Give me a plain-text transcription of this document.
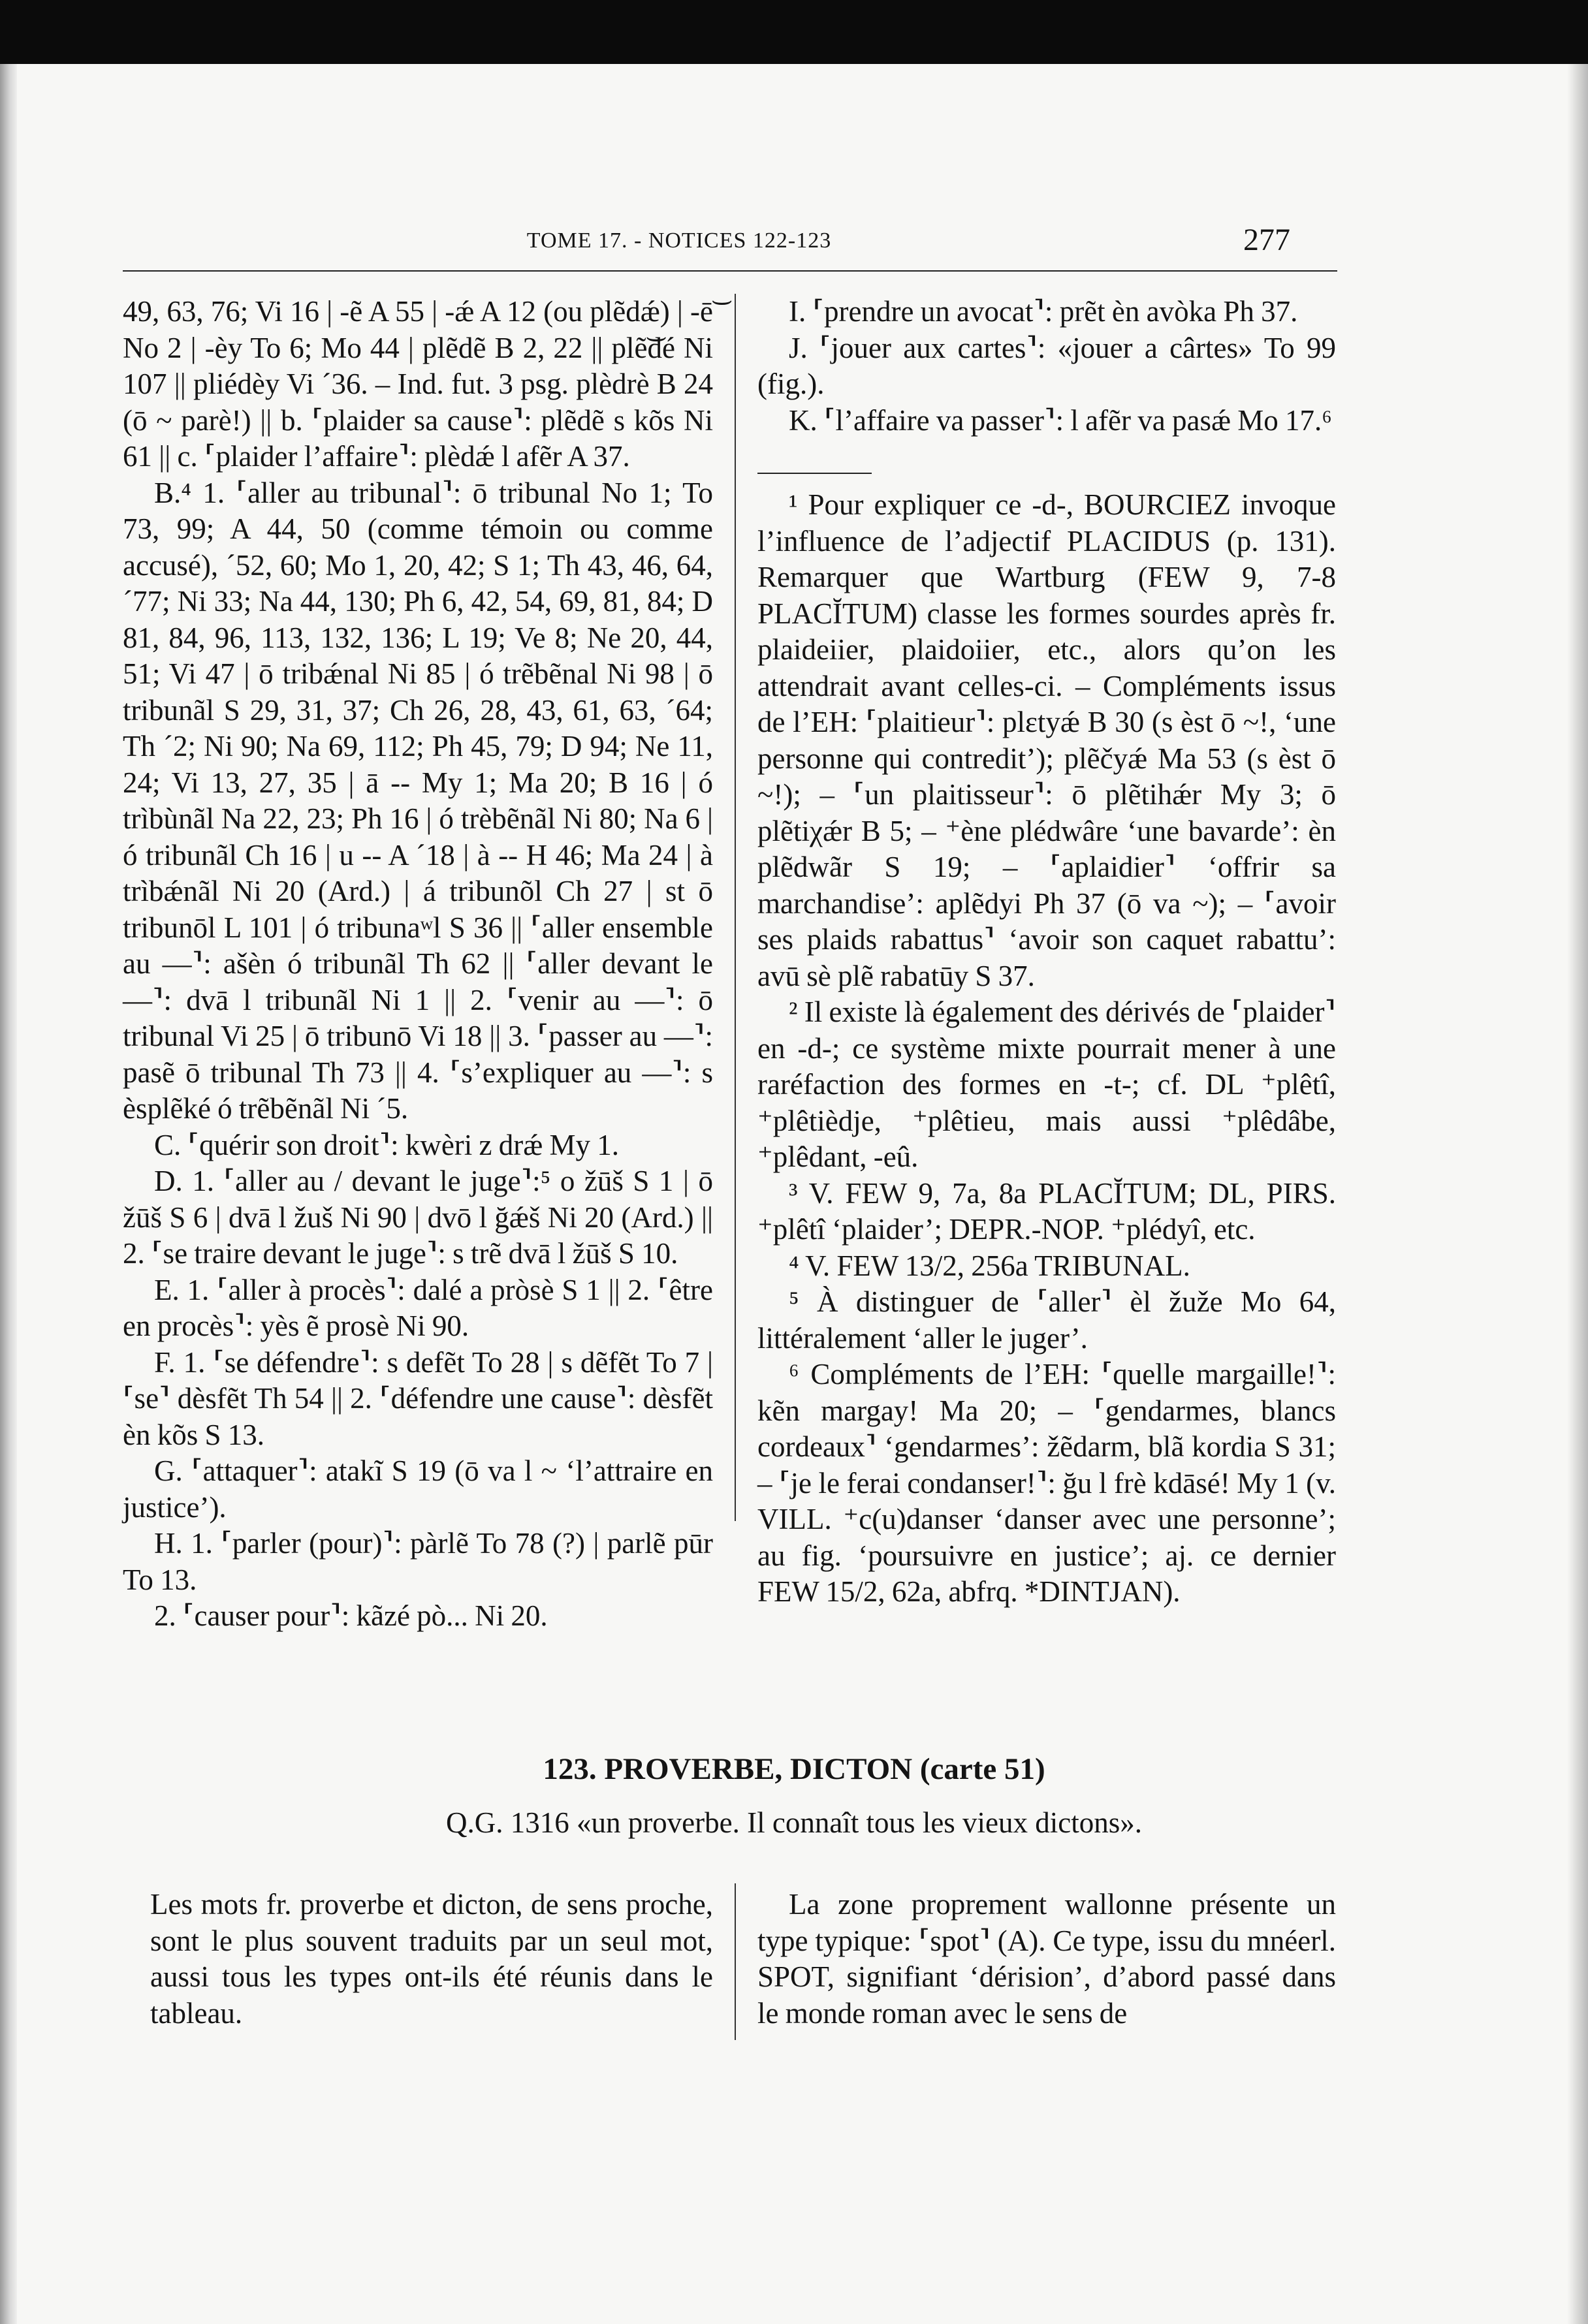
TOME 17. - NOTICES 122-123	277

49, 63, 76; Vi 16 | -ẽ A 55 | -ǽ A 12 (ou plẽdǽ) | -ē͝ No 2 | -èy To 6; Mo 44 | plẽdẽ B 2, 22 || plẽ͝dé Ni 107 || pliédèy Vi ´36. – Ind. fut. 3 psg. plèdrè B 24 (ō ~ parè!) || b. ⸢plaider sa cause⸣: plẽdẽ s kõs Ni 61 || c. ⸢plaider l’affaire⸣: plèdǽ l afẽr A 37.

B.⁴ 1. ⸢aller au tribunal⸣: ō tribunal No 1; To 73, 99; A 44, 50 (comme témoin ou comme accusé), ´52, 60; Mo 1, 20, 42; S 1; Th 43, 46, 64, ´77; Ni 33; Na 44, 130; Ph 6, 42, 54, 69, 81, 84; D 81, 84, 96, 113, 132, 136; L 19; Ve 8; Ne 20, 44, 51; Vi 47 | ō tribǽnal Ni 85 | ó trẽbẽnal Ni 98 | ō tribunãl S 29, 31, 37; Ch 26, 28, 43, 61, 63, ´64; Th ´2; Ni 90; Na 69, 112; Ph 45, 79; D 94; Ne 11, 24; Vi 13, 27, 35 | ā -- My 1; Ma 20; B 16 | ó trìbùnãl Na 22, 23; Ph 16 | ó trèbẽnãl Ni 80; Na 6 | ó tribunãl Ch 16 | u -- A ´18 | à -- H 46; Ma 24 | à trìbǽnãl Ni 20 (Ard.) | á tribunõl Ch 27 | st ō tribunōl L 101 | ó tribunaʷl S 36 || ⸢aller ensemble au —⸣: ašèn ó tribunãl Th 62 || ⸢aller devant le —⸣: dvā l tribunãl Ni 1 || 2. ⸢venir au —⸣: ō tribunal Vi 25 | ō tribunō Vi 18 || 3. ⸢passer au —⸣: pasẽ ō tribunal Th 73 || 4. ⸢s’expliquer au —⸣: s èsplẽké ó trẽbẽnãl Ni ´5.

C. ⸢quérir son droit⸣: kwèri z drǽ My 1.

D. 1. ⸢aller au / devant le juge⸣:⁵ o žūš S 1 | ō žūš S 6 | dvā l žuš Ni 90 | dvō l ğǽš Ni 20 (Ard.) || 2. ⸢se traire devant le juge⸣: s trẽ dvā l žūš S 10.

E. 1. ⸢aller à procès⸣: dalé a pròsè S 1 || 2. ⸢être en procès⸣: yès ẽ prosè Ni 90.

F. 1. ⸢se défendre⸣: s defẽt To 28 | s dẽfẽt To 7 | ⸢se⸣ dèsfẽt Th 54 || 2. ⸢défendre une cause⸣: dèsfẽt èn kõs S 13.

G. ⸢attaquer⸣: atakĩ S 19 (ō va l ~ ‘l’attraire en justice’).

H. 1. ⸢parler (pour)⸣: pàrlẽ To 78 (?) | parlẽ pūr To 13.

2. ⸢causer pour⸣: kãzé pò... Ni 20.

I. ⸢prendre un avocat⸣: prẽt èn avòka Ph 37.

J. ⸢jouer aux cartes⸣: «jouer a cârtes» To 99 (fig.).

K. ⸢l’affaire va passer⸣: l afẽr va pasǽ Mo 17.⁶

¹ Pour expliquer ce -d-, BOURCIEZ invoque l’influence de l’adjectif PLACIDUS (p. 131). Remarquer que Wartburg (FEW 9, 7-8 PLACĬTUM) classe les formes sourdes après fr. plaideiier, plaidoiier, etc., alors qu’on les attendrait avant celles-ci. – Compléments issus de l’EH: ⸢plaitieur⸣: plεtyǽ B 30 (s èst ō ~!, ‘une personne qui contredit’); plẽčyǽ Ma 53 (s èst ō ~!); – ⸢un plaitisseur⸣: ō plẽtihǽr My 3; ō plẽtiχǽr B 5; – ⁺ène plédwâre ‘une bavarde’: èn plẽdwãr S 19; – ⸢aplaidier⸣ ‘offrir sa marchandise’: aplẽdyi Ph 37 (ō va ~); – ⸢avoir ses plaids rabattus⸣ ‘avoir son caquet rabattu’: avū sè plẽ rabatūy S 37.

² Il existe là également des dérivés de ⸢plaider⸣ en -d-; ce système mixte pourrait mener à une raréfaction des formes en -t-; cf. DL ⁺plêtî, ⁺plêtièdje, ⁺plêtieu, mais aussi ⁺plêdâbe, ⁺plêdant, -eû.

³ V. FEW 9, 7a, 8a PLACĬTUM; DL, PIRS. ⁺plêtî ‘plaider’; DEPR.-NOP. ⁺plédyî, etc.

⁴ V. FEW 13/2, 256a TRIBUNAL.

⁵ À distinguer de ⸢aller⸣ èl žuže Mo 64, littéralement ‘aller le juger’.

⁶ Compléments de l’EH: ⸢quelle margaille!⸣: kẽn margay! Ma 20; – ⸢gendarmes, blancs cordeaux⸣ ‘gendarmes’: žẽdarm, blã kordia S 31; – ⸢je le ferai condanser!⸣: ğu l frè kdāsé! My 1 (v. VILL. ⁺c(u)danser ‘danser avec une personne’; au fig. ‘poursuivre en justice’; aj. ce dernier FEW 15/2, 62a, abfrq. *DINTJAN).

123. PROVERBE, DICTON (carte 51)
Q.G. 1316 «un proverbe. Il connaît tous les vieux dictons».

Les mots fr. proverbe et dicton, de sens proche, sont le plus souvent traduits par un seul mot, aussi tous les types ont-ils été réunis dans le tableau.

La zone proprement wallonne présente un type typique: ⸢spot⸣ (A). Ce type, issu du mnéerl. SPOT, signifiant ‘dérision’, d’abord passé dans le monde roman avec le sens de
